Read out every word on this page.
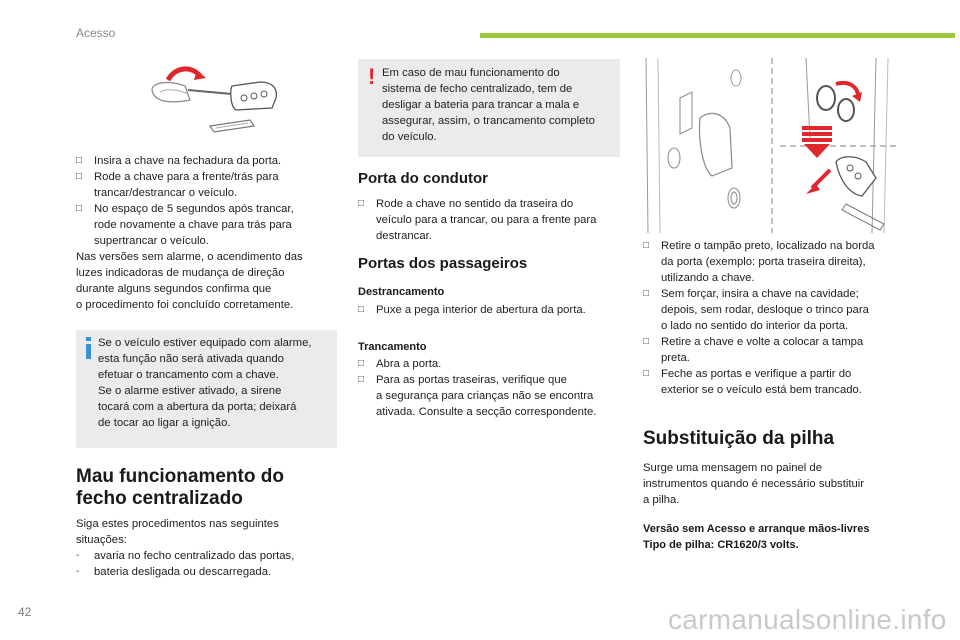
Acesso
□ Insira a chave na fechadura da porta.
□ Rode a chave para a frente/trás para
trancar/destrancar o veículo.
□ No espaço de 5 segundos após trancar,
rode novamente a chave para trás para
supertrancar o veículo.
Nas versões sem alarme, o acendimento das
luzes indicadoras de mudança de direção
durante alguns segundos confirma que
o procedimento foi concluído corretamente.
Se o veículo estiver equipado com alarme,
esta função não será ativada quando
efetuar o trancamento com a chave.
Se o alarme estiver ativado, a sirene
tocará com a abertura da porta; deixará
de tocar ao ligar a ignição.
Mau funcionamento do
fecho centralizado
Siga estes procedimentos nas seguintes
situações:
- avaria no fecho centralizado das portas,
- bateria desligada ou descarregada.
! Em caso de mau funcionamento do
sistema de fecho centralizado, tem de
desligar a bateria para trancar a mala e
assegurar, assim, o trancamento completo
do veículo.
Porta do condutor
□ Rode a chave no sentido da traseira do
veículo para a trancar, ou para a frente para
destrancar.
Portas dos passageiros
Destrancamento
□ Puxe a pega interior de abertura da porta.
Trancamento
□ Abra a porta.
□ Para as portas traseiras, verifique que
a segurança para crianças não se encontra
ativada. Consulte a secção correspondente.
□ Retire o tampão preto, localizado na borda
da porta (exemplo: porta traseira direita),
utilizando a chave.
□ Sem forçar, insira a chave na cavidade;
depois, sem rodar, desloque o trinco para
o lado no sentido do interior da porta.
□ Retire a chave e volte a colocar a tampa
preta.
□ Feche as portas e verifique a partir do
exterior se o veículo está bem trancado.
Substituição da pilha
Surge uma mensagem no painel de
instrumentos quando é necessário substituir
a pilha.
Versão sem Acesso e arranque mãos-livres
Tipo de pilha: CR1620/3 volts.
42	carmanualsonline.info
